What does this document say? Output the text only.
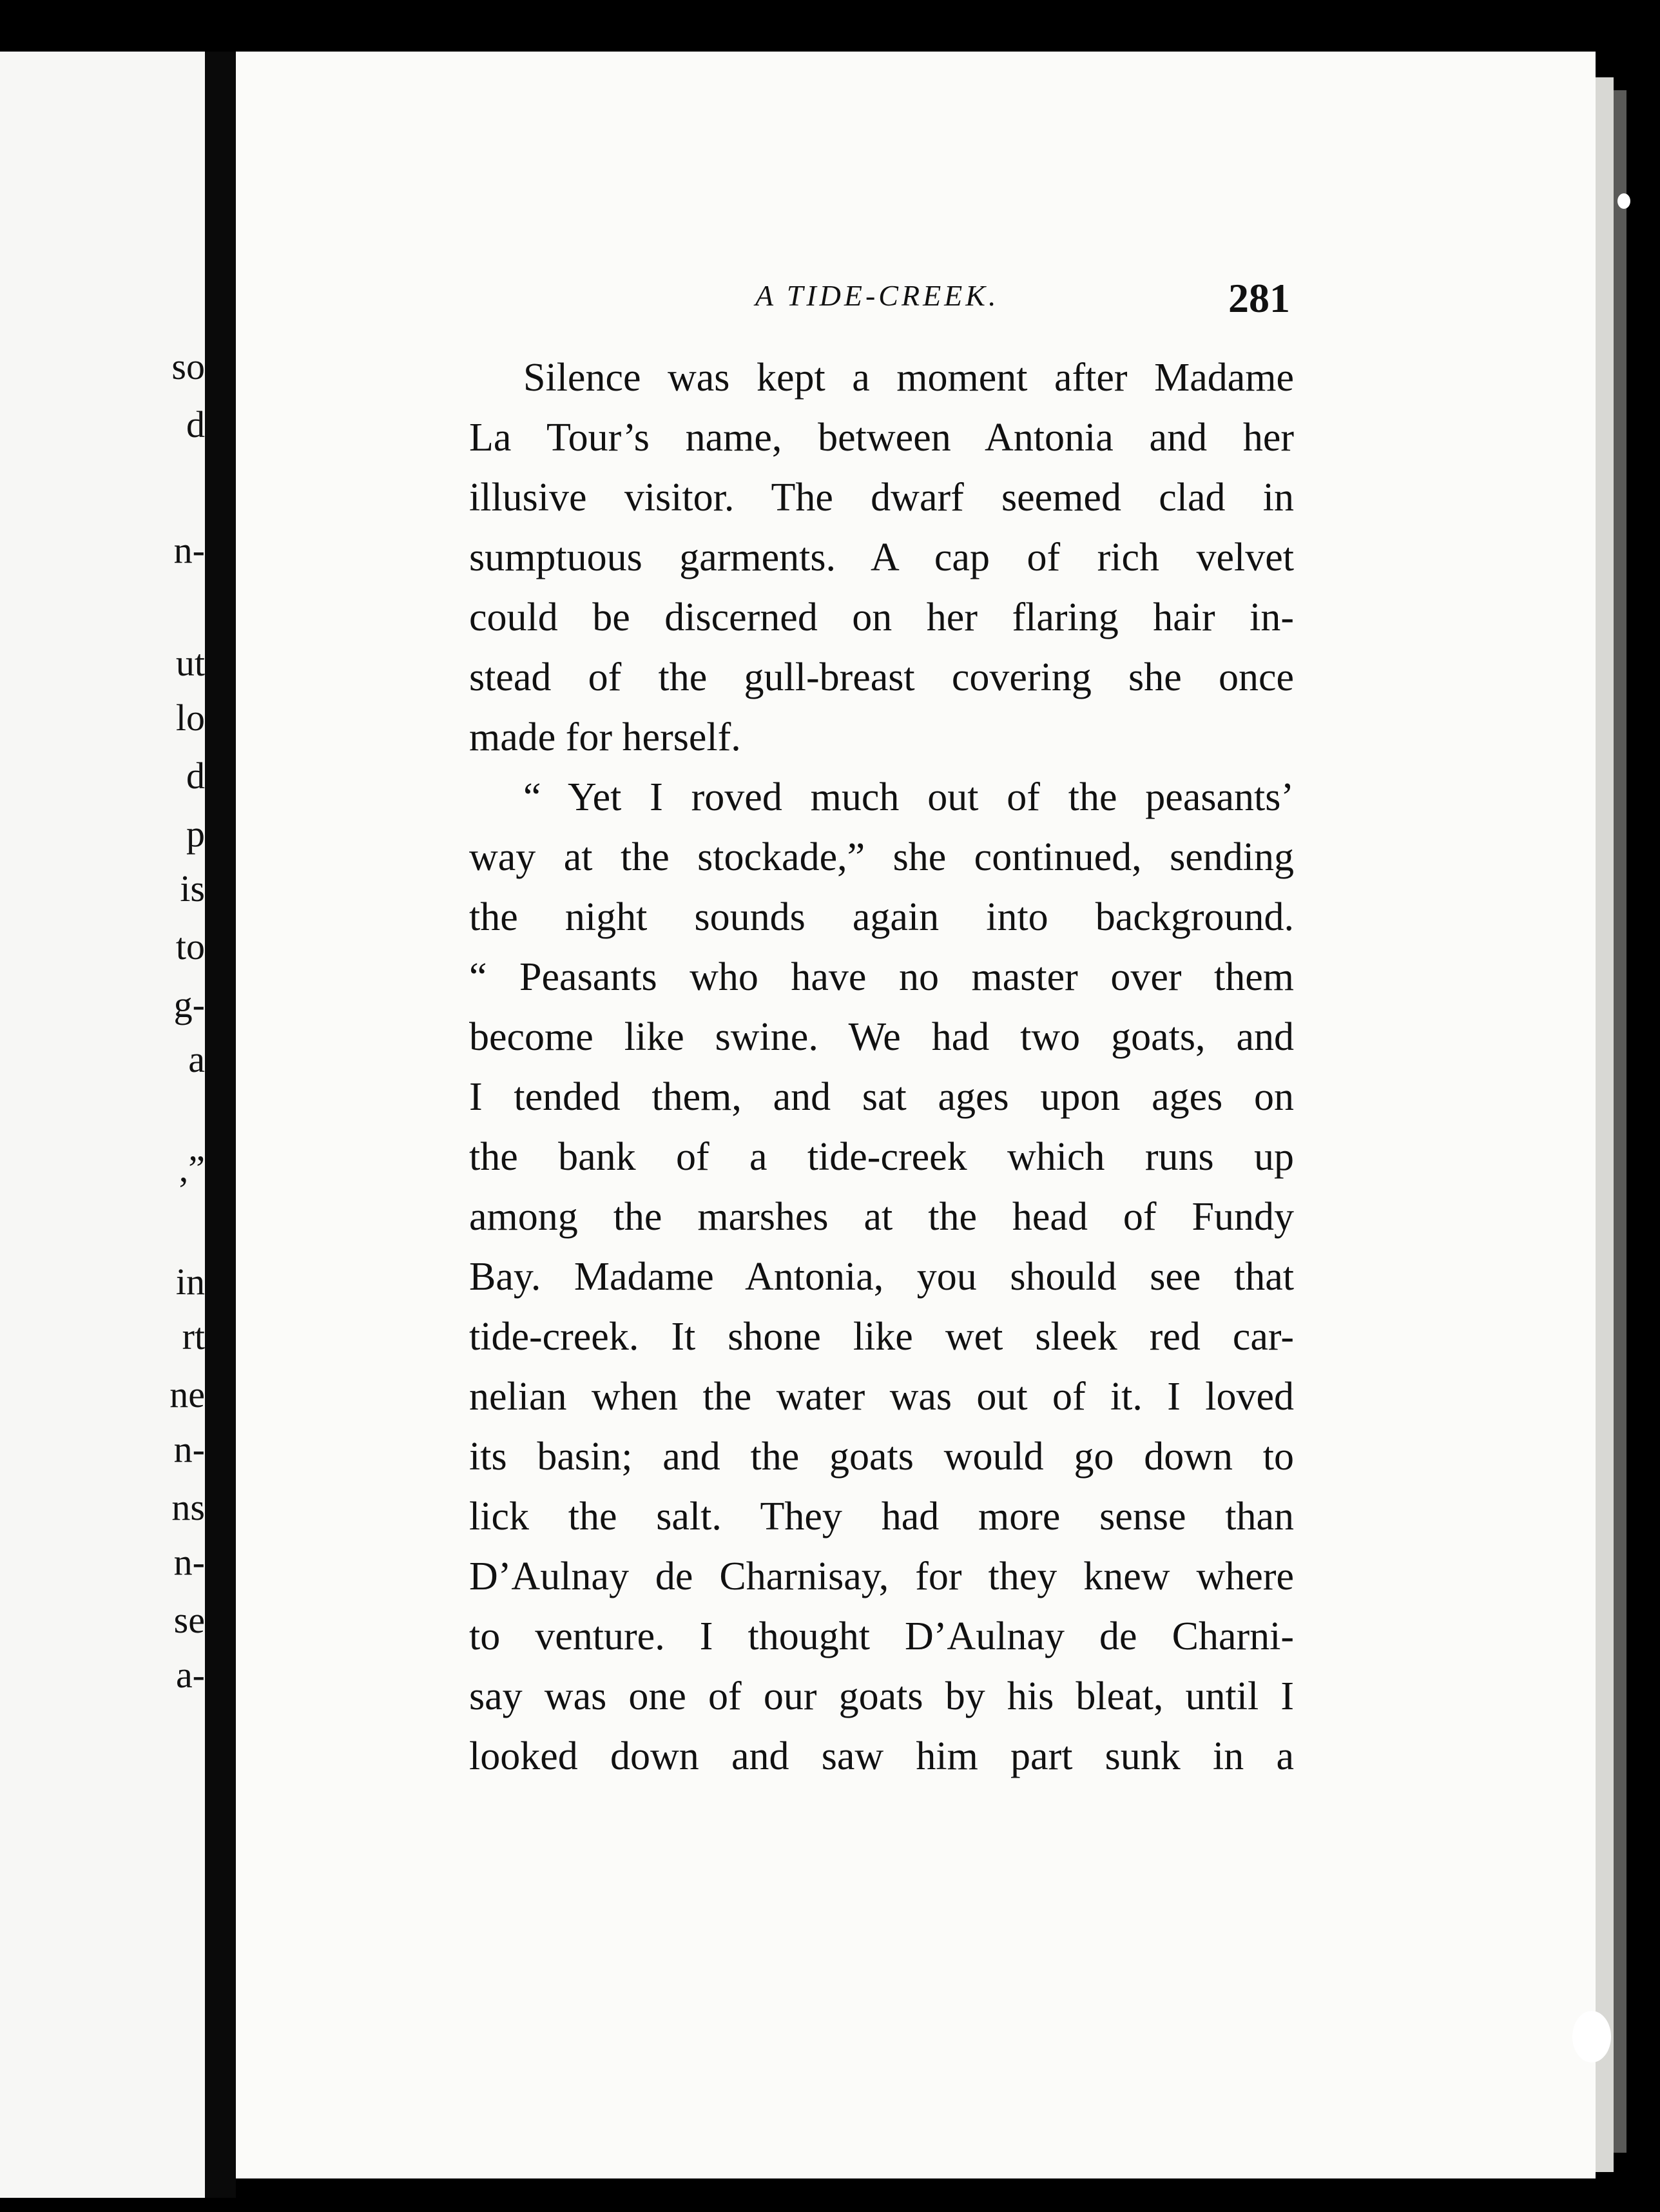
so
d
n-
ut
lo
d
p
is
to
g-
a
,”
in
rt
ne
n-
ns
n-
se
a-
A TIDE-CREEK.	281
Silence was kept a moment after Madame
La Tour’s name, between Antonia and her
illusive visitor. The dwarf seemed clad in
sumptuous garments. A cap of rich velvet
could be discerned on her flaring hair in-
stead of the gull-breast covering she once
made for herself.
“ Yet I roved much out of the peasants’
way at the stockade,” she continued, sending
the night sounds again into background.
“ Peasants who have no master over them
become like swine. We had two goats, and
I tended them, and sat ages upon ages on
the bank of a tide-creek which runs up
among the marshes at the head of Fundy
Bay. Madame Antonia, you should see that
tide-creek. It shone like wet sleek red car-
nelian when the water was out of it. I loved
its basin; and the goats would go down to
lick the salt. They had more sense than
D’Aulnay de Charnisay, for they knew where
to venture. I thought D’Aulnay de Charni-
say was one of our goats by his bleat, until I
looked down and saw him part sunk in a
